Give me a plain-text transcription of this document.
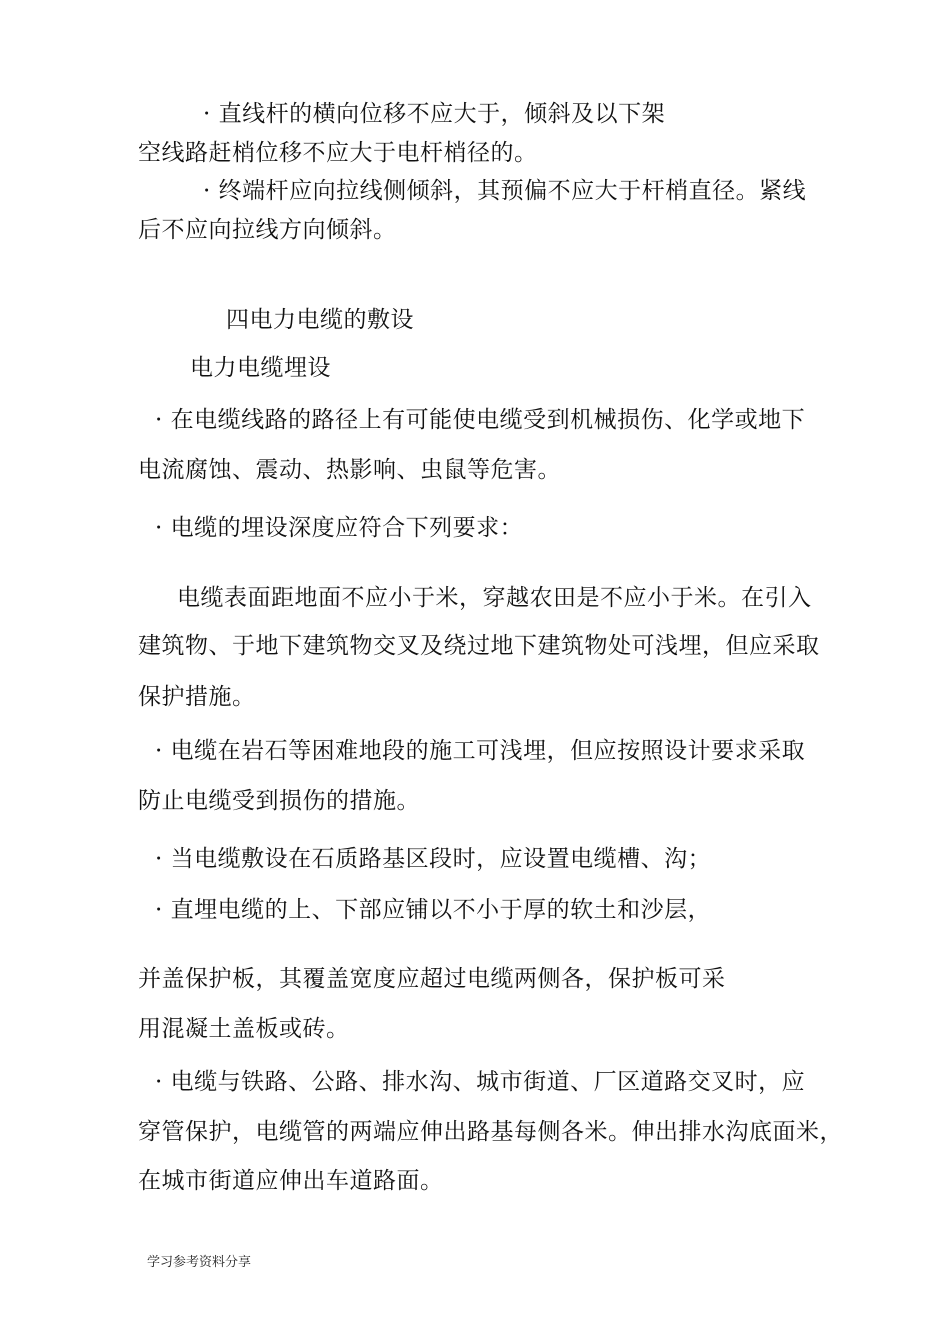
· 直线杆的横向位移不应大于，倾斜及以下架
空线路赶梢位移不应大于电杆梢径的。
· 终端杆应向拉线侧倾斜，其预偏不应大于杆梢直径。紧线
后不应向拉线方向倾斜。
四电力电缆的敷设
电力电缆埋设
· 在电缆线路的路径上有可能使电缆受到机械损伤、化学或地下
电流腐蚀、震动、热影响、虫鼠等危害。
· 电缆的埋设深度应符合下列要求：
电缆表面距地面不应小于米，穿越农田是不应小于米。在引入
建筑物、于地下建筑物交叉及绕过地下建筑物处可浅埋，但应采取
保护措施。
· 电缆在岩石等困难地段的施工可浅埋，但应按照设计要求采取
防止电缆受到损伤的措施。
· 当电缆敷设在石质路基区段时，应设置电缆槽、沟；
· 直埋电缆的上、下部应铺以不小于厚的软土和沙层，
并盖保护板，其覆盖宽度应超过电缆两侧各，保护板可采
用混凝土盖板或砖。
· 电缆与铁路、公路、排水沟、城市街道、厂区道路交叉时，应
穿管保护，电缆管的两端应伸出路基每侧各米。伸出排水沟底面米，
在城市街道应伸出车道路面。
学习参考资料分享
